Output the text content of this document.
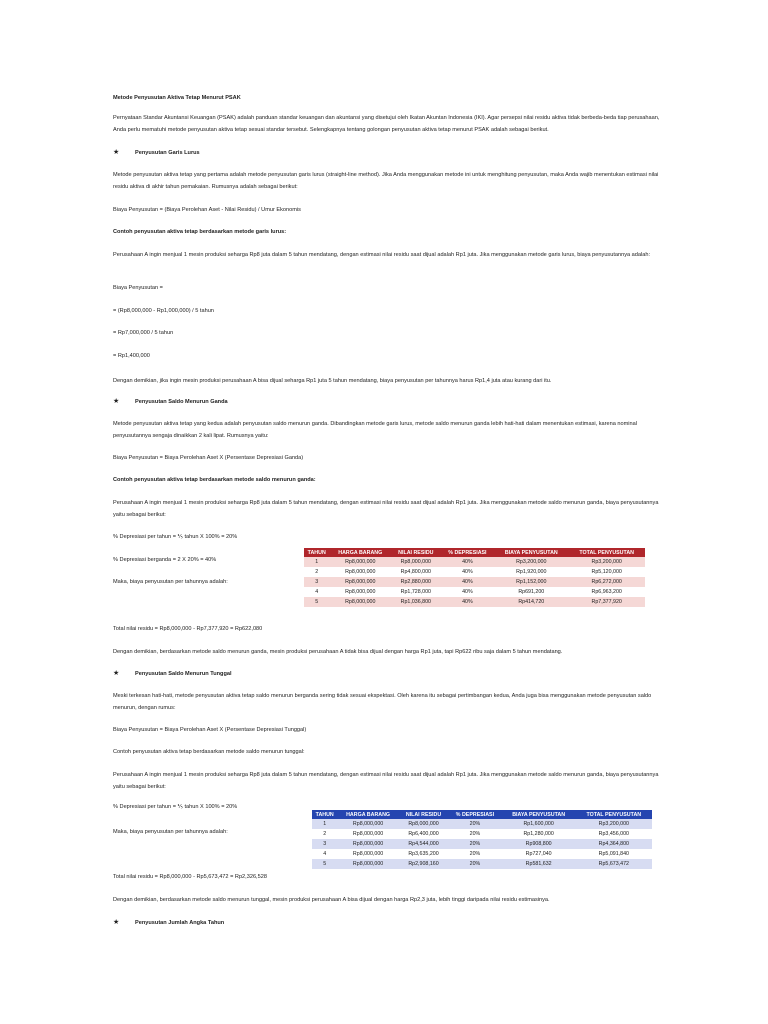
Metode Penyusutan Aktiva Tetap Menurut PSAK
Pernyataan Standar Akuntansi Keuangan (PSAK) adalah panduan standar keuangan dan akuntansi yang disetujui oleh Ikatan Akuntan Indonesia (IKI). Agar persepsi nilai residu aktiva tidak berbeda-beda tiap perusahaan, Anda perlu mematuhi metode penyusutan aktiva tetap sesuai standar tersebut. Selengkapnya tentang golongan penyusutan aktiva tetap menurut PSAK adalah sebagai berikut.
★	Penyusutan Garis Lurus
Metode penyusutan aktiva tetap yang pertama adalah metode penyusutan garis lurus (straight-line method). Jika Anda menggunakan metode ini untuk menghitung penyusutan, maka Anda wajib menentukan estimasi nilai residu aktiva di akhir tahun pemakaian. Rumusnya adalah sebagai berikut:
Biaya Penyusutan = (Biaya Perolehan Aset - Nilai Residu) / Umur Ekonomis
Contoh penyusutan aktiva tetap berdasarkan metode garis lurus:
Perusahaan A ingin menjual 1 mesin produksi seharga Rp8 juta dalam 5 tahun mendatang, dengan estimasi nilai residu saat dijual adalah Rp1 juta. Jika menggunakan metode garis lurus, biaya penyusutannya adalah:
Biaya Penyusutan =
= (Rp8,000,000 - Rp1,000,000) / 5 tahun
= Rp7,000,000 / 5 tahun
= Rp1,400,000
Dengan demikian, jika ingin mesin produksi perusahaan A bisa dijual seharga Rp1 juta 5 tahun mendatang, biaya penyusutan per tahunnya harus Rp1,4 juta atau kurang dari itu.
★	Penyusutan Saldo Menurun Ganda
Metode penyusutan aktiva tetap yang kedua adalah penyusutan saldo menurun ganda. Dibandingkan metode garis lurus, metode saldo menurun ganda lebih hati-hati dalam menentukan estimasi, karena nominal penyusutannya sengaja dinaikkan 2 kali lipat. Rumusnya yaitu:
Biaya Penyusutan = Biaya Perolehan Aset X (Persentase Depresiasi Ganda)
Contoh penyusutan aktiva tetap berdasarkan metode saldo menurun ganda:
Perusahaan A ingin menjual 1 mesin produksi seharga Rp8 juta dalam 5 tahun mendatang, dengan estimasi nilai residu saat dijual adalah Rp1 juta. Jika menggunakan metode saldo menurun ganda, biaya penyusutannya yaitu sebagai berikut:
% Depresiasi per tahun = ⅕ tahun X 100% = 20%
% Depresiasi berganda = 2 X 20% = 40%
Maka, biaya penyusutan per tahunnya adalah:
TAHUN	HARGA BARANG	NILAI RESIDU	% DEPRESIASI	BIAYA PENYUSUTAN	TOTAL PENYUSUTAN
1	Rp8,000,000	Rp8,000,000	40%	Rp3,200,000	Rp3,200,000
2	Rp8,000,000	Rp4,800,000	40%	Rp1,920,000	Rp5,120,000
3	Rp8,000,000	Rp2,880,000	40%	Rp1,152,000	Rp6,272,000
4	Rp8,000,000	Rp1,728,000	40%	Rp691,200	Rp6,963,200
5	Rp8,000,000	Rp1,036,800	40%	Rp414,720	Rp7,377,920
Total nilai residu = Rp8,000,000 - Rp7,377,920 = Rp622,080
Dengan demikian, berdasarkan metode saldo menurun ganda, mesin produksi perusahaan A tidak bisa dijual dengan harga Rp1 juta, tapi Rp622 ribu saja dalam 5 tahun mendatang.
★	Penyusutan Saldo Menurun Tunggal
Meski terkesan hati-hati, metode penyusutan aktiva tetap saldo menurun berganda sering tidak sesuai ekspektasi. Oleh karena itu sebagai pertimbangan kedua, Anda juga bisa menggunakan metode penyusutan saldo menurun, dengan rumus:
Biaya Penyusutan = Biaya Perolehan Aset X (Persentase Depresiasi Tunggal)
Contoh penyusutan aktiva tetap berdasarkan metode saldo menurun tunggal:
Perusahaan A ingin menjual 1 mesin produksi seharga Rp8 juta dalam 5 tahun mendatang, dengan estimasi nilai residu saat dijual adalah Rp1 juta. Jika menggunakan metode saldo menurun ganda, biaya penyusutannya yaitu sebagai berikut:
% Depresiasi per tahun = ⅕ tahun X 100% = 20%
Maka, biaya penyusutan per tahunnya adalah:
TAHUN	HARGA BARANG	NILAI RESIDU	% DEPRESIASI	BIAYA PENYUSUTAN	TOTAL PENYUSUTAN
1	Rp8,000,000	Rp8,000,000	20%	Rp1,600,000	Rp3,200,000
2	Rp8,000,000	Rp6,400,000	20%	Rp1,280,000	Rp3,456,000
3	Rp8,000,000	Rp4,544,000	20%	Rp908,800	Rp4,364,800
4	Rp8,000,000	Rp3,635,200	20%	Rp727,040	Rp5,091,840
5	Rp8,000,000	Rp2,908,160	20%	Rp581,632	Rp5,673,472
Total nilai residu = Rp8,000,000 - Rp5,673,472 = Rp2,326,528
Dengan demikian, berdasarkan metode saldo menurun tunggal, mesin produksi perusahaan A bisa dijual dengan harga Rp2,3 juta, lebih tinggi daripada nilai residu estimasinya.
★	Penyusutan Jumlah Angka Tahun
